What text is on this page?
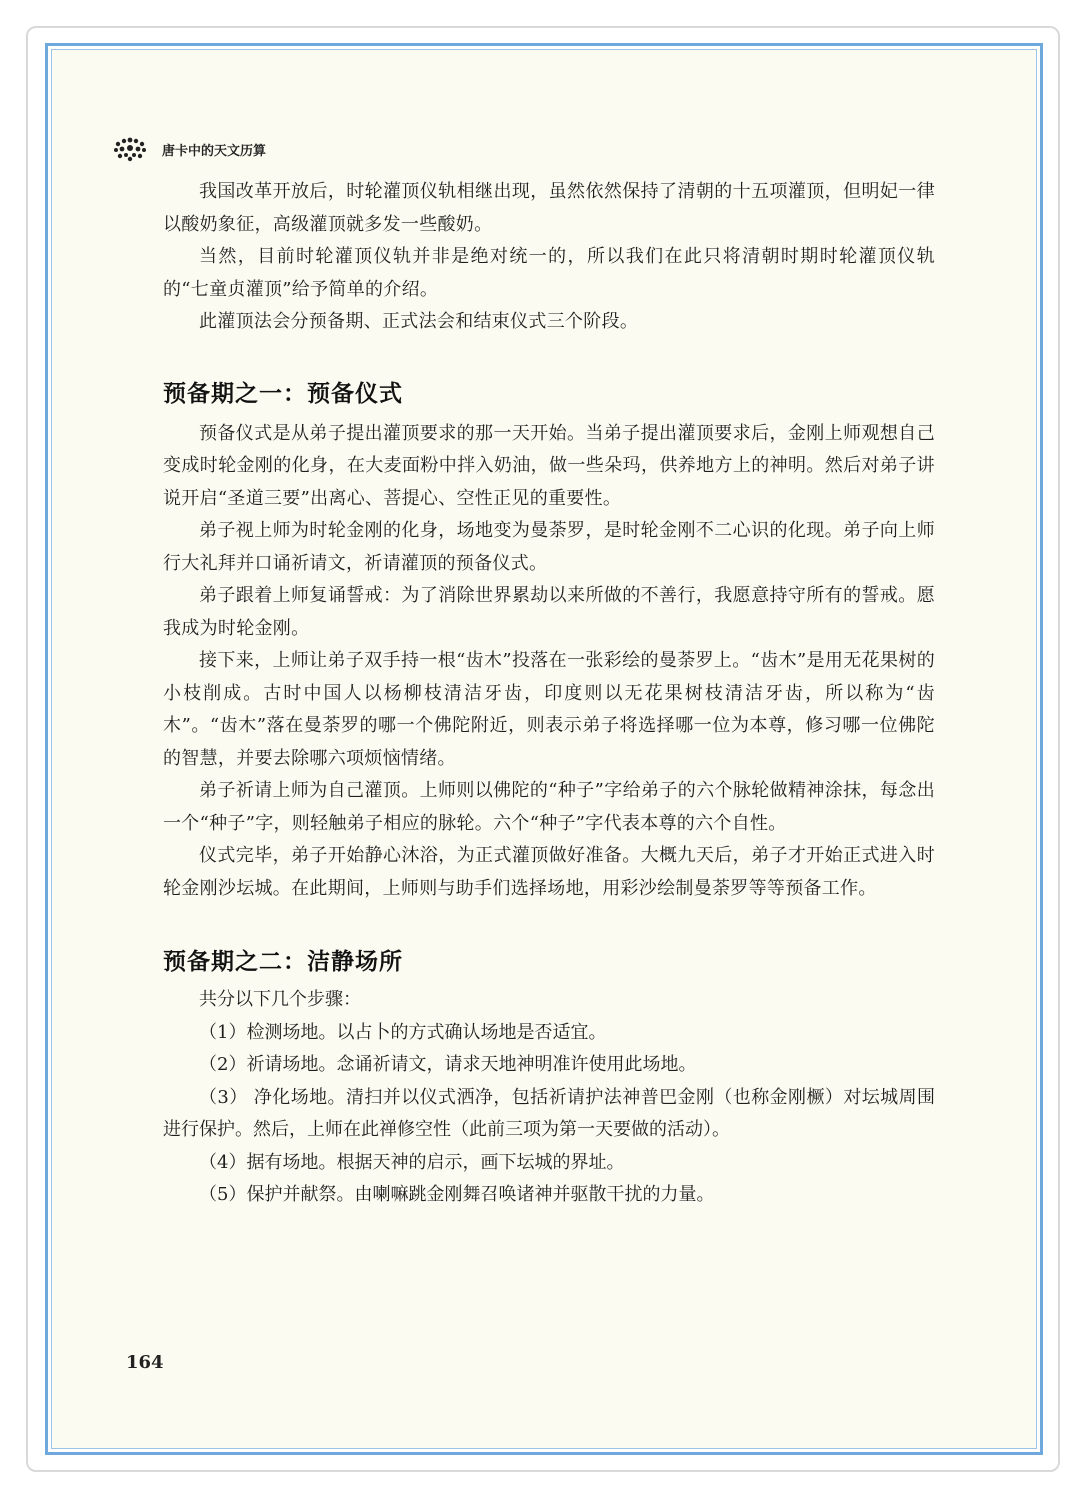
唐卡中的天文历算

我国改革开放后，时轮灌顶仪轨相继出现，虽然依然保持了清朝的十五项灌顶，但明妃一律以酸奶象征，高级灌顶就多发一些酸奶。

当然，目前时轮灌顶仪轨并非是绝对统一的，所以我们在此只将清朝时期时轮灌顶仪轨的“七童贞灌顶”给予简单的介绍。

此灌顶法会分预备期、正式法会和结束仪式三个阶段。

预备期之一：预备仪式

预备仪式是从弟子提出灌顶要求的那一天开始。当弟子提出灌顶要求后，金刚上师观想自己变成时轮金刚的化身，在大麦面粉中拌入奶油，做一些朵玛，供养地方上的神明。然后对弟子讲说开启“圣道三要”出离心、菩提心、空性正见的重要性。

弟子视上师为时轮金刚的化身，场地变为曼荼罗，是时轮金刚不二心识的化现。弟子向上师行大礼拜并口诵祈请文，祈请灌顶的预备仪式。

弟子跟着上师复诵誓戒：为了消除世界累劫以来所做的不善行，我愿意持守所有的誓戒。愿我成为时轮金刚。

接下来，上师让弟子双手持一根“齿木”投落在一张彩绘的曼荼罗上。“齿木”是用无花果树的小枝削成。古时中国人以杨柳枝清洁牙齿，印度则以无花果树枝清洁牙齿，所以称为“齿木”。“齿木”落在曼荼罗的哪一个佛陀附近，则表示弟子将选择哪一位为本尊，修习哪一位佛陀的智慧，并要去除哪六项烦恼情绪。

弟子祈请上师为自己灌顶。上师则以佛陀的“种子”字给弟子的六个脉轮做精神涂抹，每念出一个“种子”字，则轻触弟子相应的脉轮。六个“种子”字代表本尊的六个自性。

仪式完毕，弟子开始静心沐浴，为正式灌顶做好准备。大概九天后，弟子才开始正式进入时轮金刚沙坛城。在此期间，上师则与助手们选择场地，用彩沙绘制曼荼罗等等预备工作。

预备期之二：洁静场所

共分以下几个步骤：

（1）检测场地。以占卜的方式确认场地是否适宜。

（2）祈请场地。念诵祈请文，请求天地神明准许使用此场地。

（3） 净化场地。清扫并以仪式洒净，包括祈请护法神普巴金刚（也称金刚橛）对坛城周围进行保护。然后，上师在此禅修空性（此前三项为第一天要做的活动）。

（4）据有场地。根据天神的启示，画下坛城的界址。

（5）保护并献祭。由喇嘛跳金刚舞召唤诸神并驱散干扰的力量。

164
